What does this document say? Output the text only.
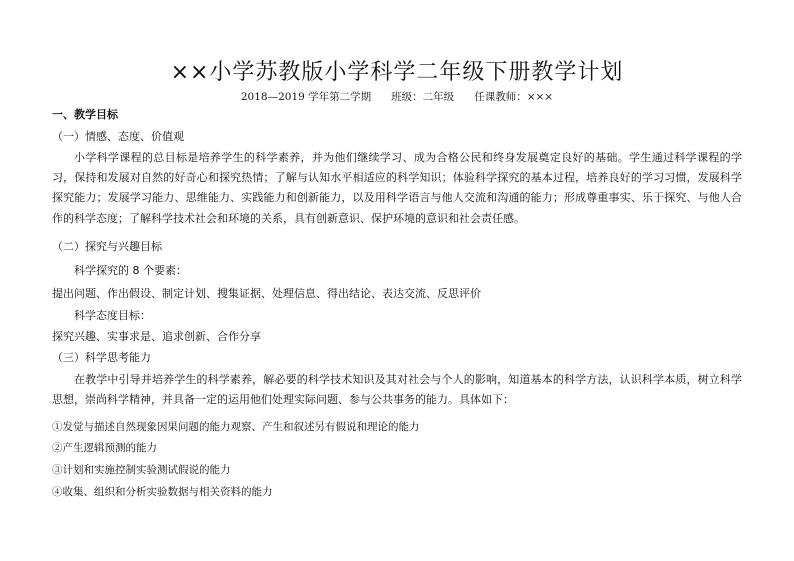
××小学苏教版小学科学二年级下册教学计划
2018—2019 学年第二学期      班级：二年级      任课教师：×××
一、教学目标
（一）情感、态度、价值观
小学科学课程的总目标是培养学生的科学素养，并为他们继续学习、成为合格公民和终身发展奠定良好的基础。学生通过科学课程的学习，保持和发展对自然的好奇心和探究热情；了解与认知水平相适应的科学知识；体验科学探究的基本过程，培养良好的学习习惯，发展科学探究能力；发展学习能力、思维能力、实践能力和创新能力，以及用科学语言与他人交流和沟通的能力；形成尊重事实、乐于探究、与他人合作的科学态度；了解科学技术社会和环境的关系，具有创新意识、保护环境的意识和社会责任感。
（二）探究与兴趣目标
科学探究的 8 个要素：
提出问题、作出假设、制定计划、搜集证据、处理信息、得出结论、表达交流、反思评价
科学态度目标：
探究兴趣、实事求是、追求创新、合作分享
（三）科学思考能力
在教学中引导并培养学生的科学素养，解必要的科学技术知识及其对社会与个人的影响，知道基本的科学方法，认识科学本质，树立科学思想，崇尚科学精神，并具备一定的运用他们处理实际问题、参与公共事务的能力。具体如下：
①发觉与描述自然现象因果问题的能力观察、产生和叙述另有假说和理论的能力
②产生逻辑预测的能力
③计划和实施控制实验测试假说的能力
④收集、组织和分析实验数据与相关资料的能力
